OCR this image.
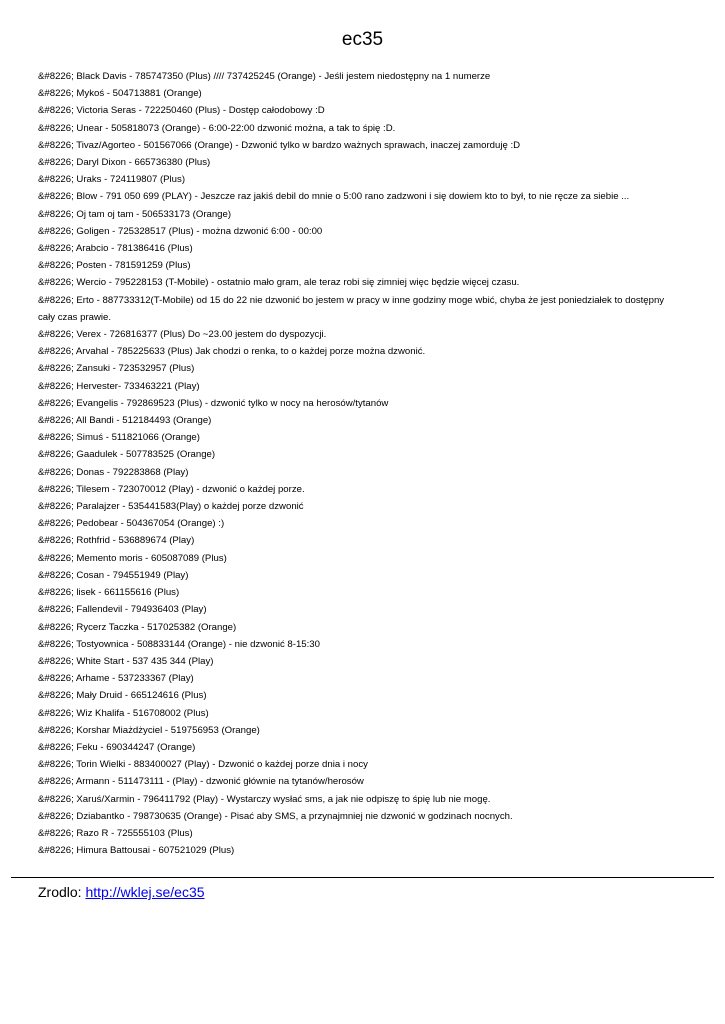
ec35
&#8226; Black Davis - 785747350 (Plus) //// 737425245 (Orange) - Jeśli jestem niedostępny na 1 numerze
&#8226; Mykoś - 504713881 (Orange)
&#8226; Victoria Seras - 722250460 (Plus) - Dostęp całodobowy :D
&#8226; Unear - 505818073 (Orange) - 6:00-22:00 dzwonić można, a tak to śpię :D.
&#8226; Tivaz/Agorteo - 501567066 (Orange) - Dzwonić tylko w bardzo ważnych sprawach, inaczej zamorduję :D
&#8226; Daryl Dixon - 665736380 (Plus)
&#8226; Uraks - 724119807 (Plus)
&#8226; Blow - 791 050 699 (PLAY) - Jeszcze raz jakiś debil do mnie o 5:00 rano zadzwoni i się dowiem kto to był, to nie ręcze za siebie ...
&#8226; Oj tam oj tam - 506533173 (Orange)
&#8226; Goligen - 725328517 (Plus) - można dzwonić 6:00 - 00:00
&#8226; Arabcio - 781386416 (Plus)
&#8226; Posten - 781591259 (Plus)
&#8226; Wercio - 795228153 (T-Mobile) - ostatnio mało gram, ale teraz robi się zimniej więc będzie więcej czasu.
&#8226; Erto - 887733312(T-Mobile) od 15 do 22 nie dzwonić bo jestem w pracy w inne godziny moge wbić, chyba że jest poniedziałek to dostępny cały czas prawie.
&#8226; Verex - 726816377 (Plus) Do ~23.00 jestem do dyspozycji.
&#8226; Arvahal - 785225633 (Plus) Jak chodzi o renka, to o każdej porze można dzwonić.
&#8226; Zansuki - 723532957 (Plus)
&#8226; Hervester- 733463221 (Play)
&#8226; Evangelis - 792869523 (Plus) - dzwonić tylko w nocy na herosów/tytanów
&#8226; All Bandi - 512184493 (Orange)
&#8226; Simuś - 511821066 (Orange)
&#8226; Gaadulek - 507783525 (Orange)
&#8226; Donas - 792283868 (Play)
&#8226; Tilesem - 723070012 (Play) - dzwonić o każdej porze.
&#8226; Paralajzer - 535441583(Play) o każdej porze dzwonić
&#8226; Pedobear - 504367054 (Orange) :)
&#8226; Rothfrid - 536889674 (Play)
&#8226; Memento moris - 605087089 (Plus)
&#8226; Cosan - 794551949 (Play)
&#8226; lisek - 661155616 (Plus)
&#8226; Fallendevil - 794936403 (Play)
&#8226; Rycerz Taczka - 517025382 (Orange)
&#8226; Tostyownica - 508833144 (Orange) - nie dzwonić 8-15:30
&#8226; White Start - 537 435 344 (Play)
&#8226; Arhame - 537233367 (Play)
&#8226; Mały Druid - 665124616 (Plus)
&#8226; Wiz Khalifa - 516708002 (Plus)
&#8226; Korshar Miażdżyciel - 519756953 (Orange)
&#8226; Feku - 690344247 (Orange)
&#8226; Torin Wielki - 883400027 (Play) - Dzwonić o każdej porze dnia i nocy
&#8226; Armann - 511473111 - (Play) - dzwonić głównie na tytanów/herosów
&#8226; Xaruś/Xarmin - 796411792 (Play) - Wystarczy wysłać sms, a jak nie odpiszę to śpię lub nie mogę.
&#8226; Dziabantko - 798730635 (Orange) - Pisać aby SMS, a przynajmniej nie dzwonić w godzinach nocnych.
&#8226; Razo R - 725555103 (Plus)
&#8226; Himura Battousai - 607521029 (Plus)
Zrodlo: http://wklej.se/ec35
